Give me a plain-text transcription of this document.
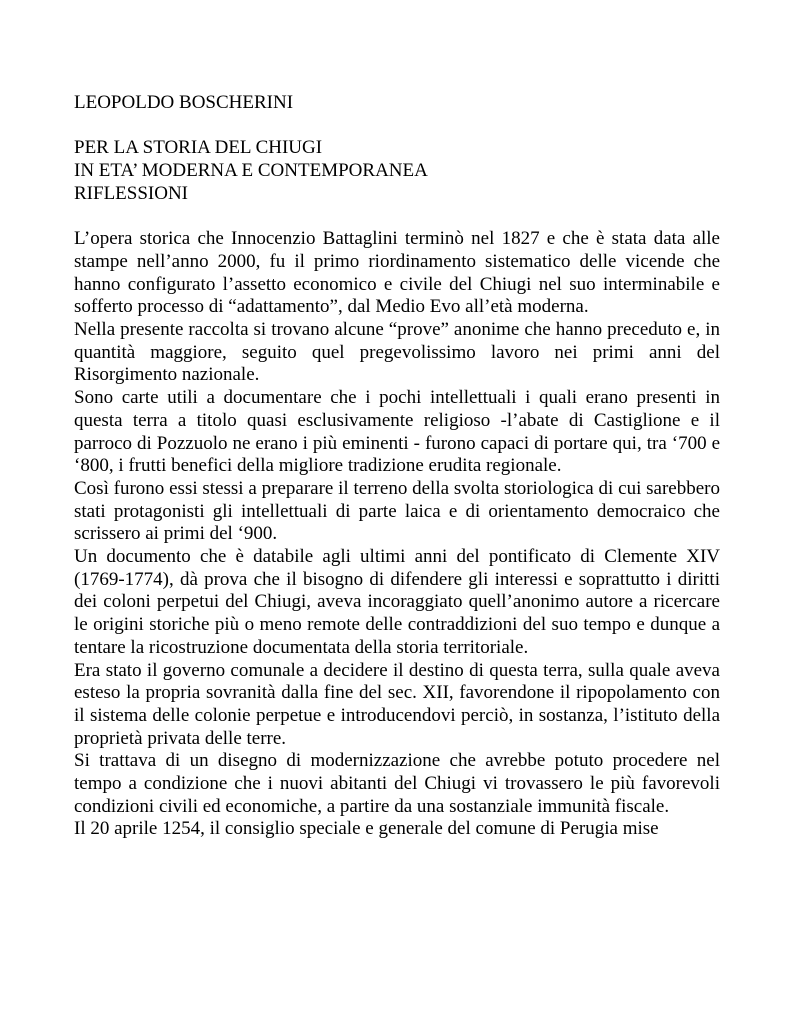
LEOPOLDO BOSCHERINI

PER LA STORIA DEL CHIUGI

IN ETA’ MODERNA E CONTEMPORANEA

RIFLESSIONI

L’opera storica che Innocenzio Battaglini terminò nel 1827 e che è stata data alle stampe nell’anno 2000, fu il primo riordinamento sistematico delle vicende che hanno configurato l’assetto economico e civile del Chiugi nel suo interminabile e sofferto processo di “adattamento”, dal Medio Evo all’età moderna.

Nella presente raccolta si trovano alcune “prove” anonime che hanno preceduto e, in quantità maggiore, seguito quel pregevolissimo lavoro nei primi anni del Risorgimento nazionale.

Sono carte utili a documentare che i pochi intellettuali i quali erano presenti in questa terra a titolo quasi esclusivamente religioso -l’abate di Castiglione e il parroco di Pozzuolo ne erano i più eminenti - furono capaci di portare qui, tra ‘700 e ‘800, i frutti benefici della migliore tradizione erudita regionale.

Così furono essi stessi a preparare il terreno della svolta storiologica di cui sarebbero stati protagonisti gli intellettuali di parte laica e di orientamento democraico che scrissero ai primi del ‘900.

Un documento che è databile agli ultimi anni del pontificato di Clemente XIV (1769-1774), dà prova che il bisogno di difendere gli interessi e soprattutto i diritti dei coloni perpetui del Chiugi, aveva incoraggiato quell’anonimo autore a ricercare le origini storiche più o meno remote delle contraddizioni del suo tempo e dunque a tentare la ricostruzione documentata della storia territoriale.

Era stato il governo comunale a decidere il destino di questa terra, sulla quale aveva esteso la propria sovranità dalla fine del sec. XII, favorendone il ripopolamento con il sistema delle colonie perpetue e introducendovi perciò, in sostanza, l’istituto della proprietà privata delle terre.

Si trattava di un disegno di modernizzazione che avrebbe potuto procedere nel tempo a condizione che i nuovi abitanti del Chiugi vi trovassero le più favorevoli condizioni civili ed economiche, a partire da una sostanziale immunità fiscale.

Il 20 aprile 1254, il consiglio speciale e generale del comune di Perugia mise
